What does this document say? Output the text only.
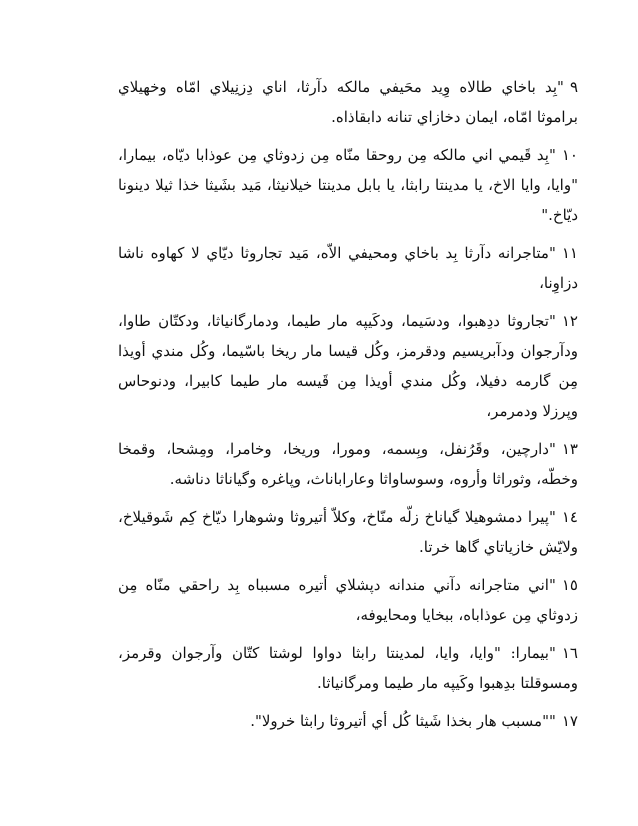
٩"بِد باخاي طالاه وِيد محَيفي مالكه دآرثا، اناي دِزنِيلاي امّاه وخهيلاي براموثا امّاه، ايمان دخازاي تنانه دابقاذاه.

١٠"بِد قَيمي اني مالكه مِن روحقا منّاه مِن زدوثاي مِن عوذابا ديّاه، بيمارا، "وايا، وايا الاخ، يا مدينتا رابثا، يا بابل مدينتا خيلانيثا، مَيد بشَيثا خذا ثيلا دينونا ديّاخ."

١١"متاجرانه دآرثا بِد باخاي ومحيفي الاّه، مَيد تجاروثا ديّاي لا كهاوه ناشا دزاوِنا،

١٢"تجاروثا ددِهبوا، ودسَيما، ودكَيپه مار طيما، ودمارگانياثا، ودكتّان طاوا، ودآرجوان ودآبريسيم ودقرمز، وكُل قيسا مار ريخا باسّيما، وكُل مندي أويذا مِن گارمه دفيلا، وكُل مندي أويذا مِن قَيسه مار طيما كابيرا، ودنوحاس وپرزلا ودمرمر،

١٣"دارچين، وقَرُنفل، وبِسمه، ومورا، وريخا، وخامرا، ومِشحا، وقمخا وخطّه، وثوراثا وأروه، وسوساواثا وعاراباناث، وپاغره وگياناثا دناشه.

١٤"پيرا دمشوهيلا گياناخ زلّه منّاخ، وكلاّ أتيروثا وشوهارا ديّاخ كِم شَوقيلاخ، ولايّش خازياتاي گاها خرتا.

١٥"اني متاجرانه دآني مندانه دپشلاي أتيره مسبباه بِد راحقي منّاه مِن زدوثاي مِن عوذاباه، ببخايا ومحايوفه،

١٦"بيمارا: "وايا، وايا، لمدينتا رابثا دواوا لوشتا كتّان وآرجوان وقرمز، ومسوقلتا بدِهبوا وكَيپه مار طيما ومرگانياثا.

١٧""مسبب هار بخذا شَيثا كُل أي أتيروثا رابثا خرولا".
